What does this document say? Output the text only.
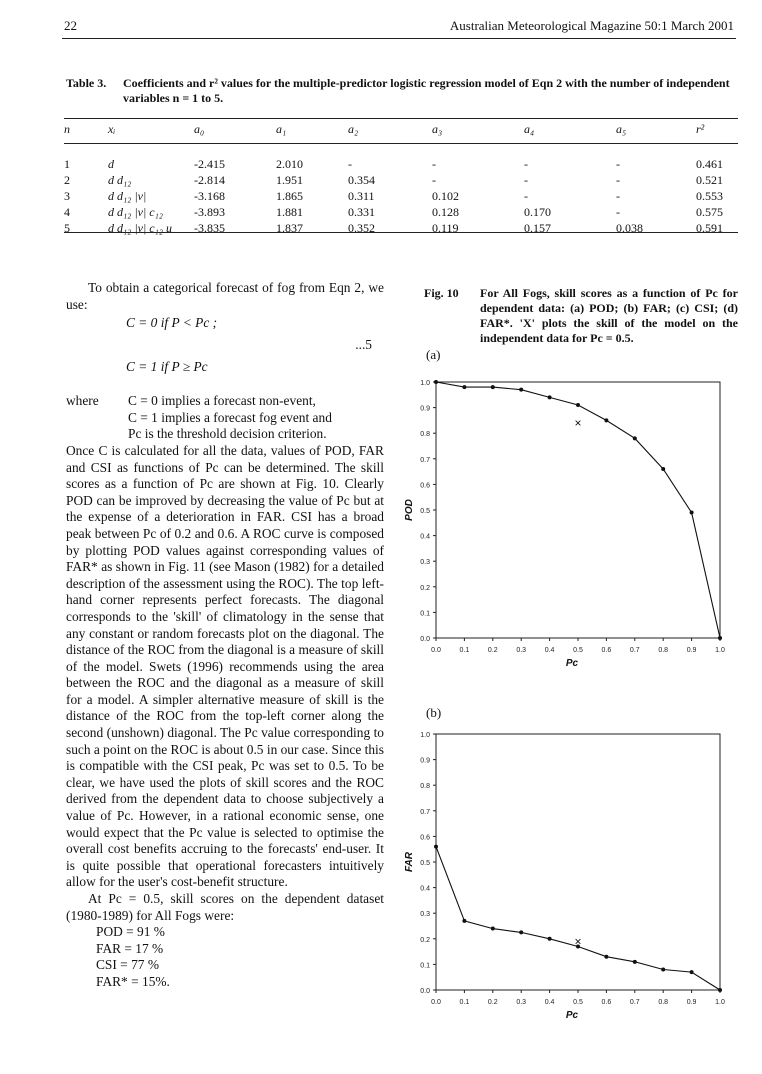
22	Australian Meteorological Magazine 50:1 March 2001
Table 3. Coefficients and r² values for the multiple-predictor logistic regression model of Eqn 2 with the number of independent variables n = 1 to 5.
n	xᵢ	a₀	a₁	a₂	a₃	a₄	a₅	r²
1	d	-2.415	2.010	-	-	-	-	0.461
2	d d₁₂	-2.814	1.951	0.354	-	-	-	0.521
3	d d₁₂ |v|	-3.168	1.865	0.311	0.102	-	-	0.553
4	d d₁₂ |v| c₁₂	-3.893	1.881	0.331	0.128	0.170	-	0.575
5	d d₁₂ |v| c₁₂ u	-3.835	1.837	0.352	0.119	0.157	0.038	0.591

To obtain a categorical forecast of fog from Eqn 2, we use:

C = 0 if P < Pc ;
...5
C = 1 if P ≥ Pc
where C = 0 implies a forecast non-event,
C = 1 implies a forecast fog event and
Pc is the threshold decision criterion.

Once C is calculated for all the data, values of POD, FAR and CSI as functions of Pc can be determined. The skill scores as a function of Pc are shown at Fig. 10. Clearly POD can be improved by decreasing the value of Pc but at the expense of a deterioration in FAR. CSI has a broad peak between Pc of 0.2 and 0.6. A ROC curve is composed by plotting POD values against corresponding values of FAR* as shown in Fig. 11 (see Mason (1982) for a detailed description of the assessment using the ROC). The top left-hand corner represents perfect forecasts. The diagonal corresponds to the 'skill' of climatology in the sense that any constant or random forecasts plot on the diagonal. The distance of the ROC from the diagonal is a measure of skill of the model. Swets (1996) recommends using the area between the ROC and the diagonal as a measure of skill for a model. A simpler alternative measure of skill is the distance of the ROC from the top-left corner along the second (unshown) diagonal. The Pc value corresponding to such a point on the ROC is about 0.5 in our case. Since this is compatible with the CSI peak, Pc was set to 0.5. To be clear, we have used the plots of skill scores and the ROC derived from the dependent data to choose subjectively a value of Pc. However, in a rational economic sense, one would expect that the Pc value is selected to optimise the overall cost benefits accruing to the forecasts' end-user. It is quite possible that operational forecasters intuitively allow for the user's cost-benefit structure.

At Pc = 0.5, skill scores on the dependent dataset (1980-1989) for All Fogs were:

POD = 91 %
FAR = 17 %
CSI = 77 %
FAR* = 15%.
Fig. 10 For All Fogs, skill scores as a function of Pc for dependent data: (a) POD; (b) FAR; (c) CSI; (d) FAR*. 'X' plots the skill of the model on the independent data for Pc = 0.5.
(a)
(b)
0.0
0.1
0.2
0.3
0.4
0.5
0.6
0.7
0.8
0.9
1.0
0.0	0.1	0.2	0.3	0.4	0.5	0.6	0.7	0.8	0.9	1.0
Pc
POD
×
0.0
0.1
0.2
0.3
0.4
0.5
0.6
0.7
0.8
0.9
1.0
0.0	0.1	0.2	0.3	0.4	0.5	0.6	0.7	0.8	0.9	1.0
Pc
FAR
×
